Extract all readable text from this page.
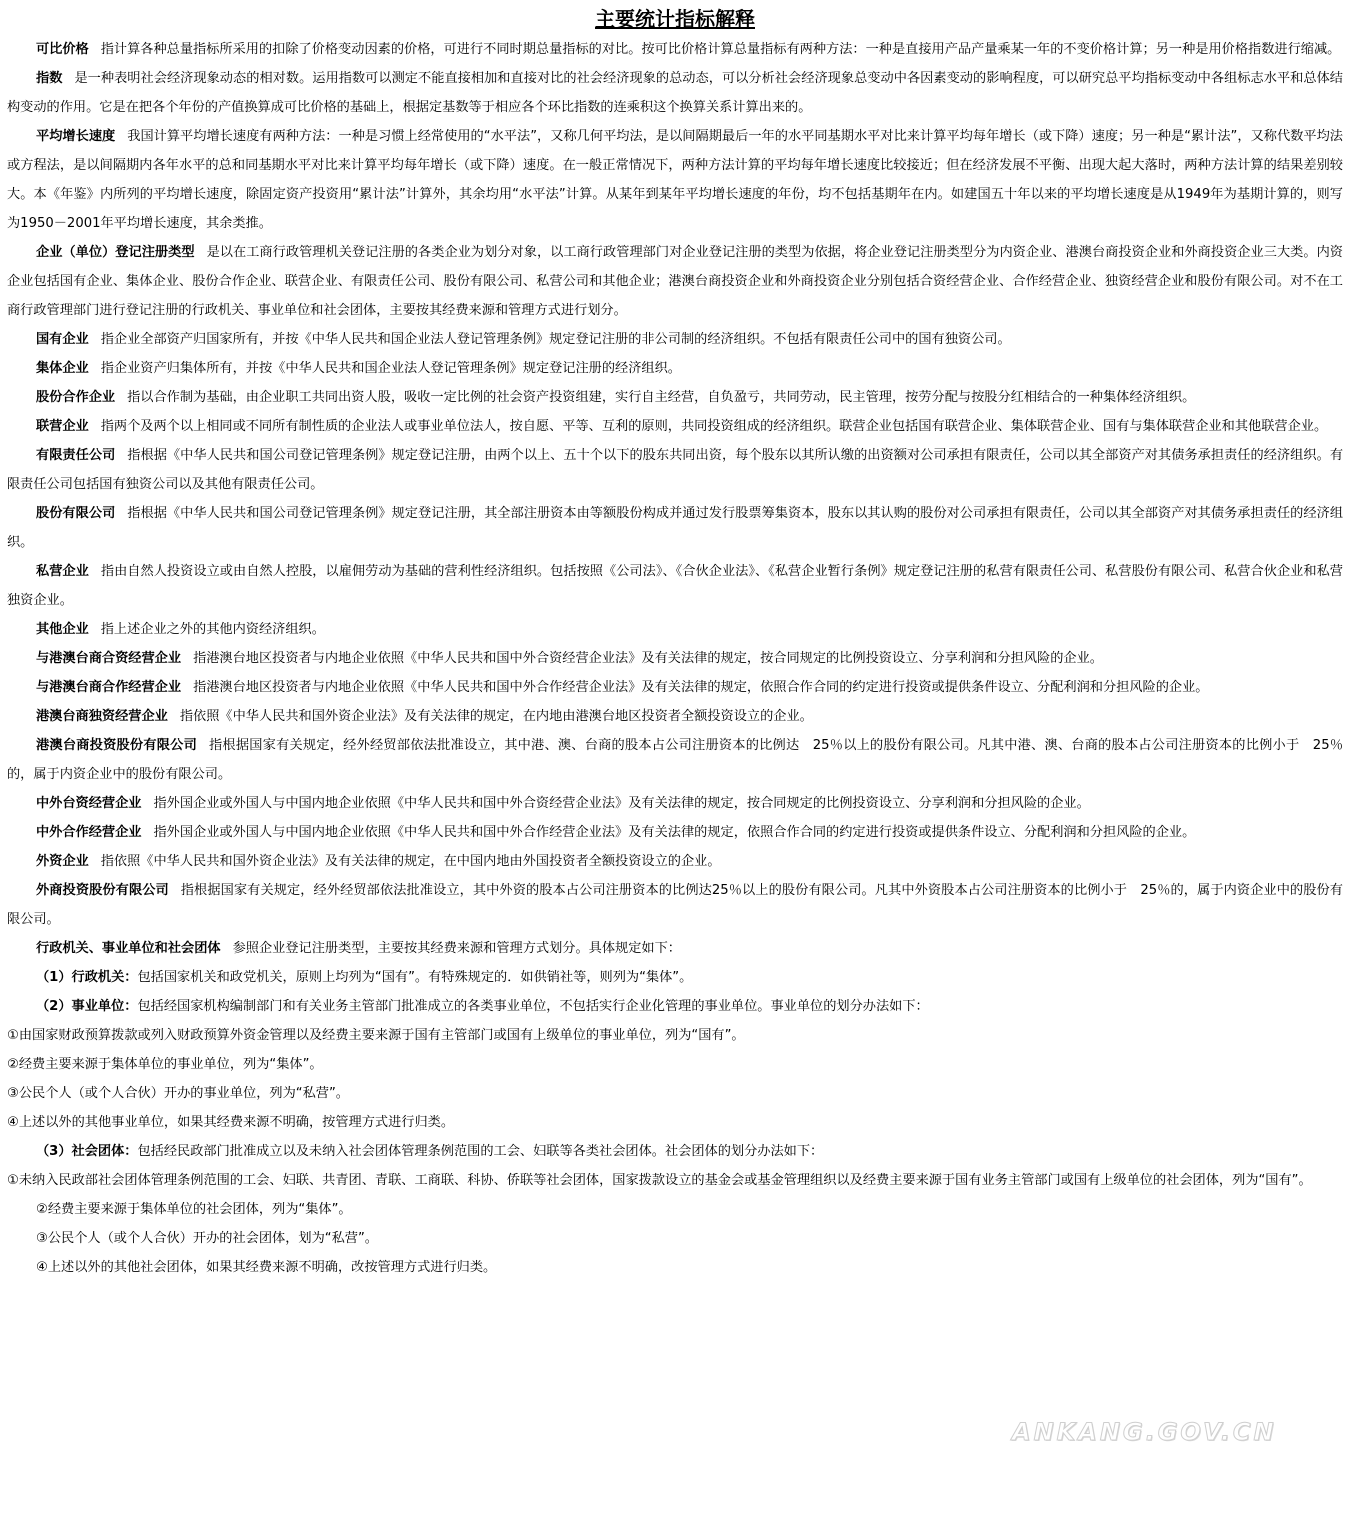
主要统计指标解释

可比价格 指计算各种总量指标所采用的扣除了价格变动因素的价格，可进行不同时期总量指标的对比。按可比价格计算总量指标有两种方法：一种是直接用产品产量乘某一年的不变价格计算；另一种是用价格指数进行缩减。

指数 是一种表明社会经济现象动态的相对数。运用指数可以测定不能直接相加和直接对比的社会经济现象的总动态，可以分析社会经济现象总变动中各因素变动的影响程度，可以研究总平均指标变动中各组标志水平和总体结构变动的作用。它是在把各个年份的产值换算成可比价格的基础上，根据定基数等于相应各个环比指数的连乘积这个换算关系计算出来的。

平均增长速度 我国计算平均增长速度有两种方法：一种是习惯上经常使用的“水平法”，又称几何平均法，是以间隔期最后一年的水平同基期水平对比来计算平均每年增长（或下降）速度；另一种是“累计法”，又称代数平均法或方程法，是以间隔期内各年水平的总和同基期水平对比来计算平均每年增长（或下降）速度。在一般正常情况下，两种方法计算的平均每年增长速度比较接近；但在经济发展不平衡、出现大起大落时，两种方法计算的结果差别较大。本《年鉴》内所列的平均增长速度，除固定资产投资用“累计法”计算外，其余均用“水平法”计算。从某年到某年平均增长速度的年份，均不包括基期年在内。如建国五十年以来的平均增长速度是从1949年为基期计算的，则写为1950－2001年平均增长速度，其余类推。

企业（单位）登记注册类型 是以在工商行政管理机关登记注册的各类企业为划分对象，以工商行政管理部门对企业登记注册的类型为依据，将企业登记注册类型分为内资企业、港澳台商投资企业和外商投资企业三大类。内资企业包括国有企业、集体企业、股份合作企业、联营企业、有限责任公司、股份有限公司、私营公司和其他企业；港澳台商投资企业和外商投资企业分别包括合资经营企业、合作经营企业、独资经营企业和股份有限公司。对不在工商行政管理部门进行登记注册的行政机关、事业单位和社会团体，主要按其经费来源和管理方式进行划分。

国有企业 指企业全部资产归国家所有，并按《中华人民共和国企业法人登记管理条例》规定登记注册的非公司制的经济组织。不包括有限责任公司中的国有独资公司。

集体企业 指企业资产归集体所有，并按《中华人民共和国企业法人登记管理条例》规定登记注册的经济组织。

股份合作企业 指以合作制为基础，由企业职工共同出资人股，吸收一定比例的社会资产投资组建，实行自主经营，自负盈亏，共同劳动，民主管理，按劳分配与按股分红相结合的一种集体经济组织。

联营企业 指两个及两个以上相同或不同所有制性质的企业法人或事业单位法人，按自愿、平等、互利的原则，共同投资组成的经济组织。联营企业包括国有联营企业、集体联营企业、国有与集体联营企业和其他联营企业。

有限责任公司 指根据《中华人民共和国公司登记管理条例》规定登记注册，由两个以上、五十个以下的股东共同出资，每个股东以其所认缴的出资额对公司承担有限责任，公司以其全部资产对其债务承担责任的经济组织。有限责任公司包括国有独资公司以及其他有限责任公司。

股份有限公司 指根据《中华人民共和国公司登记管理条例》规定登记注册，其全部注册资本由等额股份构成并通过发行股票筹集资本，股东以其认购的股份对公司承担有限责任，公司以其全部资产对其债务承担责任的经济组织。

私营企业 指由自然人投资设立或由自然人控股，以雇佣劳动为基础的营利性经济组织。包括按照《公司法》、《合伙企业法》、《私营企业暂行条例》规定登记注册的私营有限责任公司、私营股份有限公司、私营合伙企业和私营独资企业。

其他企业 指上述企业之外的其他内资经济组织。

与港澳台商合资经营企业 指港澳台地区投资者与内地企业依照《中华人民共和国中外合资经营企业法》及有关法律的规定，按合同规定的比例投资设立、分享利润和分担风险的企业。

与港澳台商合作经营企业 指港澳台地区投资者与内地企业依照《中华人民共和国中外合作经营企业法》及有关法律的规定，依照合作合同的约定进行投资或提供条件设立、分配利润和分担风险的企业。

港澳台商独资经营企业 指依照《中华人民共和国外资企业法》及有关法律的规定，在内地由港澳台地区投资者全额投资设立的企业。

港澳台商投资股份有限公司 指根据国家有关规定，经外经贸部依法批准设立，其中港、澳、台商的股本占公司注册资本的比例达　25％以上的股份有限公司。凡其中港、澳、台商的股本占公司注册资本的比例小于　25％的，属于内资企业中的股份有限公司。

中外台资经营企业 指外国企业或外国人与中国内地企业依照《中华人民共和国中外合资经营企业法》及有关法律的规定，按合同规定的比例投资设立、分享利润和分担风险的企业。

中外合作经营企业 指外国企业或外国人与中国内地企业依照《中华人民共和国中外合作经营企业法》及有关法律的规定，依照合作合同的约定进行投资或提供条件设立、分配利润和分担风险的企业。

外资企业 指依照《中华人民共和国外资企业法》及有关法律的规定，在中国内地由外国投资者全额投资设立的企业。

外商投资股份有限公司 指根据国家有关规定，经外经贸部依法批准设立，其中外资的股本占公司注册资本的比例达25％以上的股份有限公司。凡其中外资股本占公司注册资本的比例小于　25％的，属于内资企业中的股份有限公司。

行政机关、事业单位和社会团体 参照企业登记注册类型，主要按其经费来源和管理方式划分。具体规定如下：

（1）行政机关：包括国家机关和政党机关，原则上均列为“国有”。有特殊规定的．如供销社等，则列为“集体”。

（2）事业单位：包括经国家机构编制部门和有关业务主管部门批准成立的各类事业单位，不包括实行企业化管理的事业单位。事业单位的划分办法如下：

①由国家财政预算拨款或列入财政预算外资金管理以及经费主要来源于国有主管部门或国有上级单位的事业单位，列为“国有”。

②经费主要来源于集体单位的事业单位，列为“集体”。

③公民个人（或个人合伙）开办的事业单位，列为“私营”。

④上述以外的其他事业单位，如果其经费来源不明确，按管理方式进行归类。

（3）社会团体：包括经民政部门批准成立以及未纳入社会团体管理条例范围的工会、妇联等各类社会团体。社会团体的划分办法如下：

①未纳入民政部社会团体管理条例范围的工会、妇联、共青团、青联、工商联、科协、侨联等社会团体，国家拨款设立的基金会或基金管理组织以及经费主要来源于国有业务主管部门或国有上级单位的社会团体，列为“国有”。

②经费主要来源于集体单位的社会团体，列为“集体”。

③公民个人（或个人合伙）开办的社会团体，划为“私营”。

④上述以外的其他社会团体，如果其经费来源不明确，改按管理方式进行归类。

ANKANG.GOV.CN
